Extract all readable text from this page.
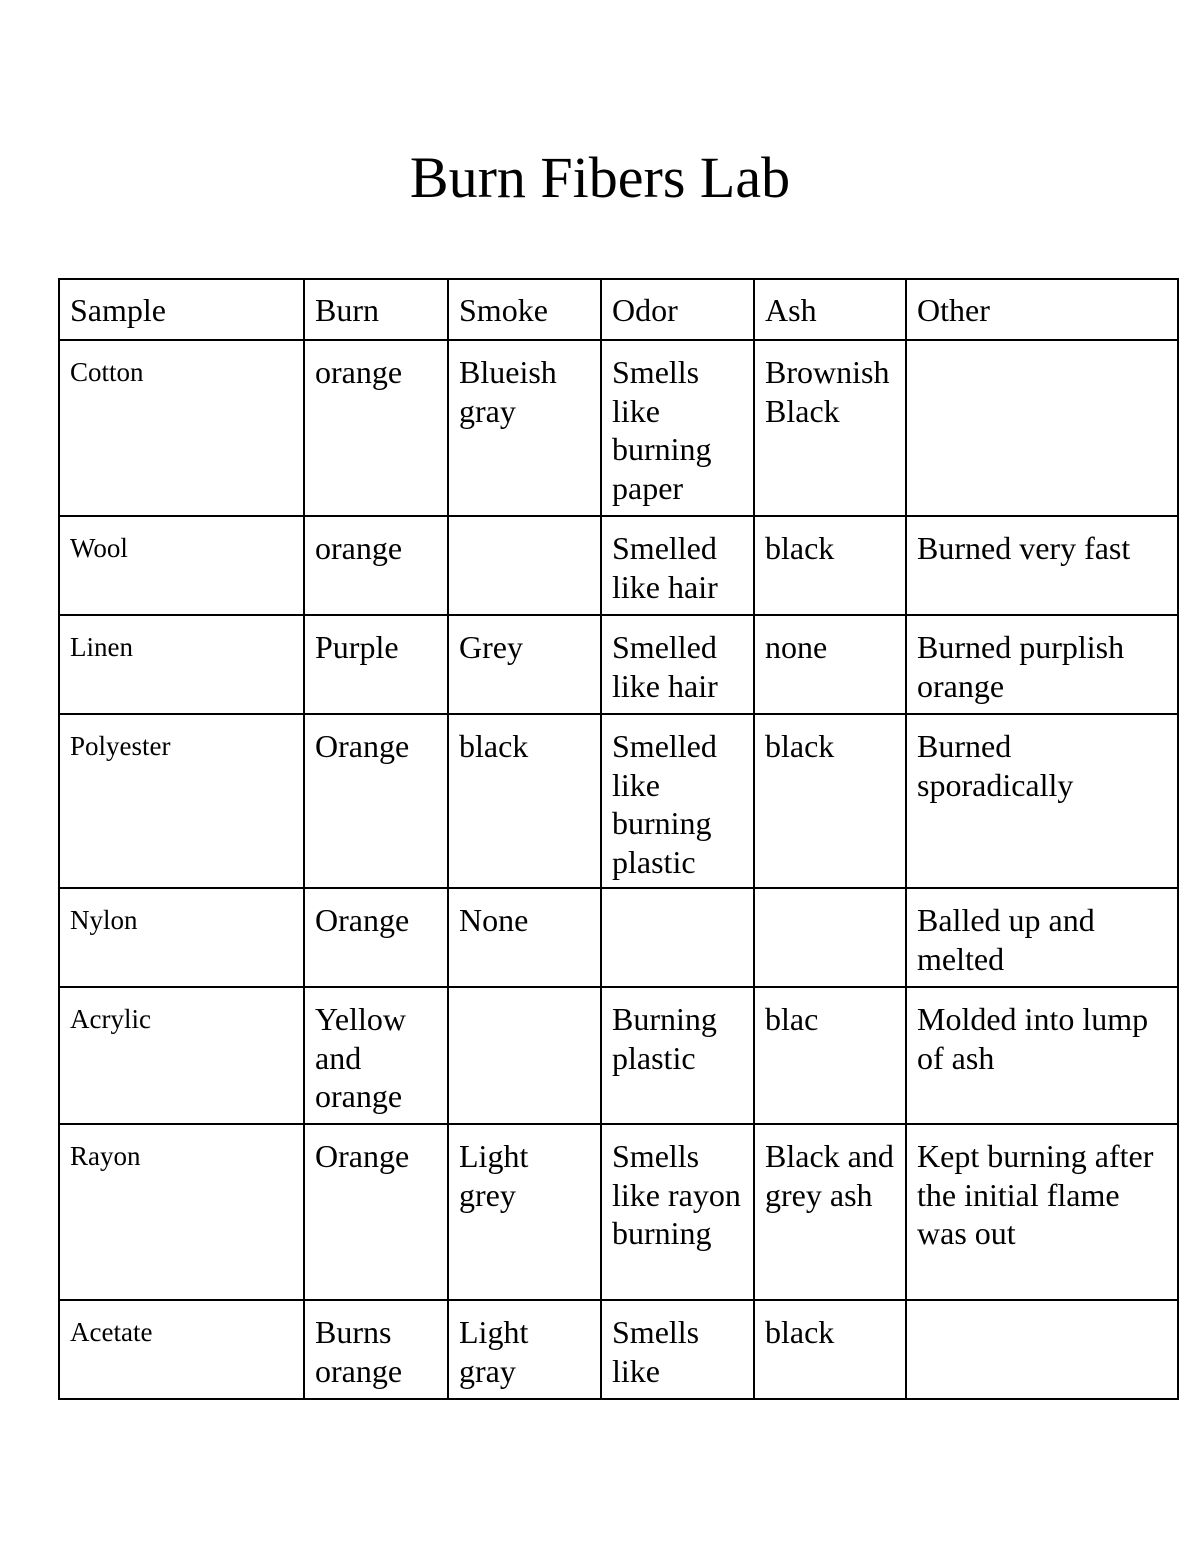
Burn Fibers Lab
Sample	Burn	Smoke	Odor	Ash	Other
Cotton	orange	Blueish gray	Smells like burning paper	Brownish Black	
Wool	orange		Smelled like hair	black	Burned very fast
Linen	Purple	Grey	Smelled like hair	none	Burned purplish orange
Polyester	Orange	black	Smelled like burning plastic	black	Burned sporadically
Nylon	Orange	None			Balled up and melted
Acrylic	Yellow and orange		Burning plastic	blac	Molded into lump of ash
Rayon	Orange	Light grey	Smells like rayon burning	Black and grey ash	Kept burning after the initial flame was out
Acetate	Burns orange	Light gray	Smells like	black	
